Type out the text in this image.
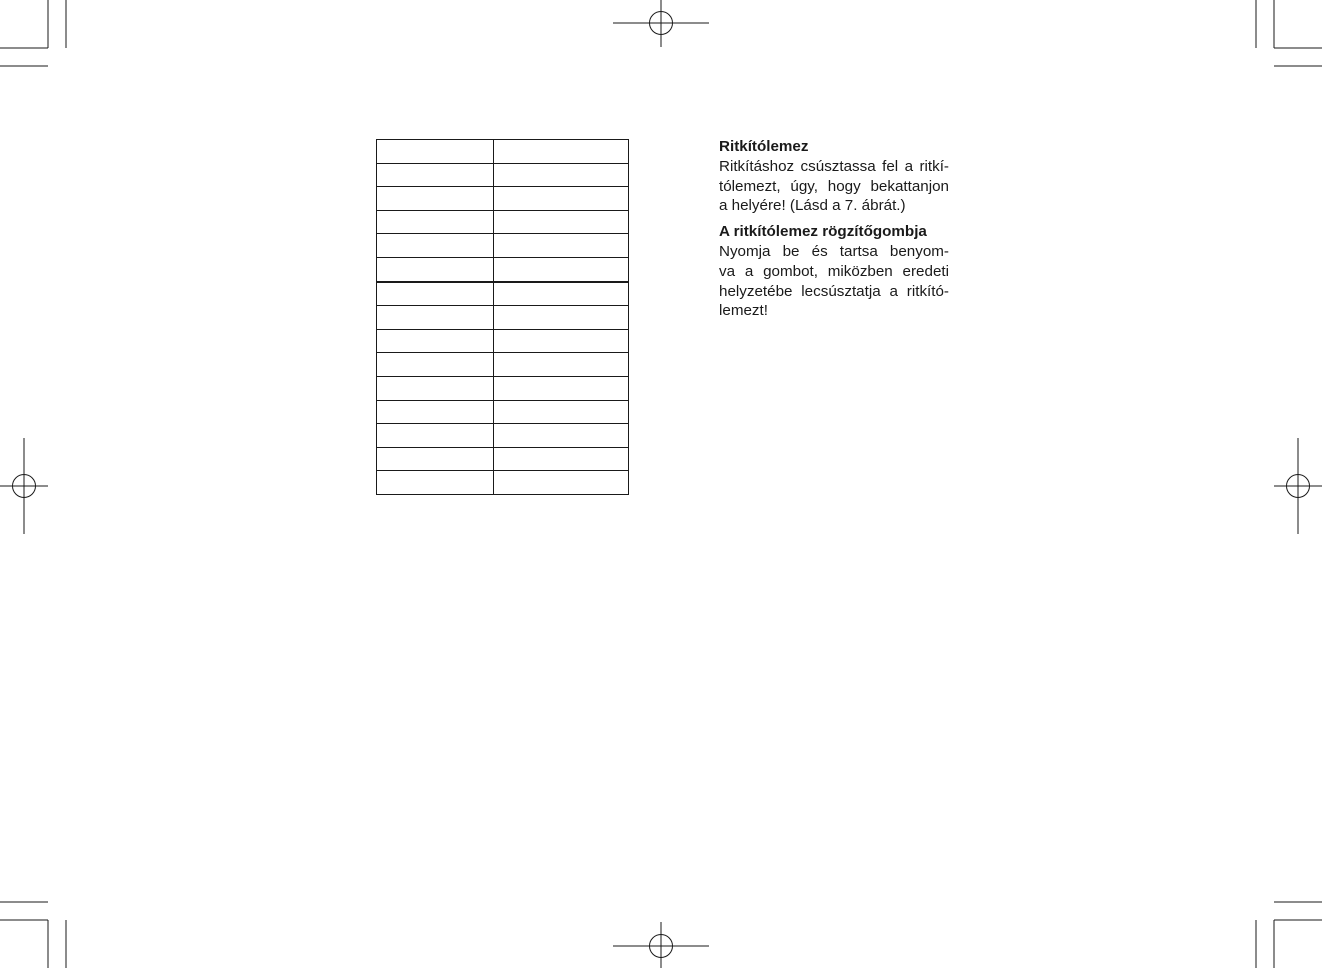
Ritkítólemez

Ritkításhoz csúsztassa fel a ritkí-
tólemezt, úgy, hogy bekattanjon
a helyére! (Lásd a 7. ábrát.)

A ritkítólemez rögzítőgombja

Nyomja be és tartsa benyom-
va a gombot, miközben eredeti
helyzetébe lecsúsztatja a ritkító-
lemezt!
